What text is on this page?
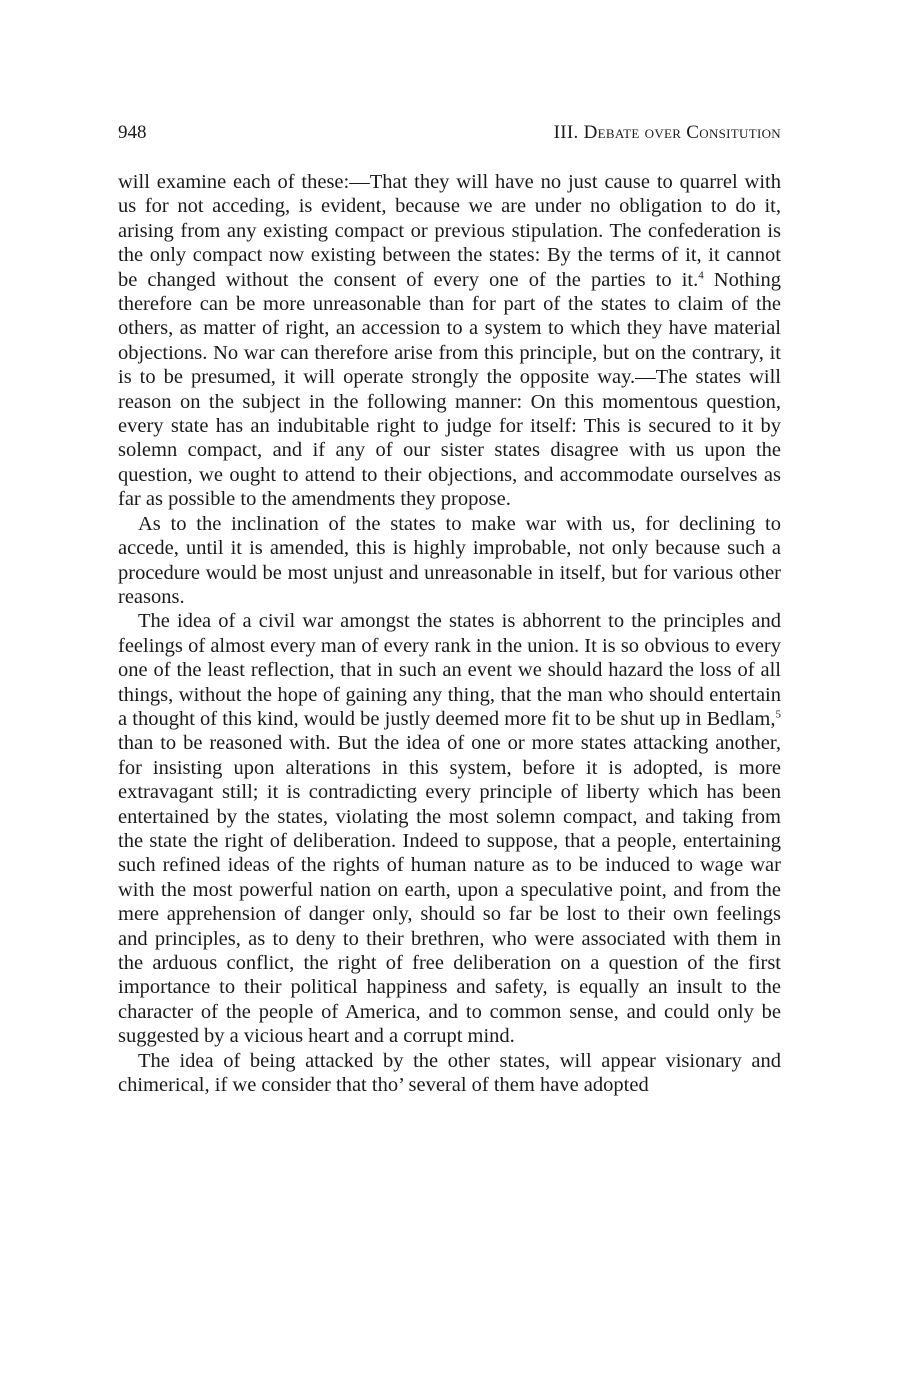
948	III. Debate over Consitution

will examine each of these:—That they will have no just cause to quarrel with us for not acceding, is evident, because we are under no obligation to do it, arising from any existing compact or previous stipulation. The confederation is the only compact now existing between the states: By the terms of it, it cannot be changed without the consent of every one of the parties to it.$^4$ Nothing therefore can be more unreasonable than for part of the states to claim of the others, as matter of right, an accession to a system to which they have material objections. No war can therefore arise from this principle, but on the contrary, it is to be presumed, it will operate strongly the opposite way.—The states will reason on the subject in the following manner: On this momentous question, every state has an indubitable right to judge for itself: This is secured to it by solemn compact, and if any of our sister states disagree with us upon the question, we ought to attend to their objections, and accommodate ourselves as far as possible to the amendments they propose.

As to the inclination of the states to make war with us, for declining to accede, until it is amended, this is highly improbable, not only because such a procedure would be most unjust and unreasonable in itself, but for various other reasons.

The idea of a civil war amongst the states is abhorrent to the principles and feelings of almost every man of every rank in the union. It is so obvious to every one of the least reflection, that in such an event we should hazard the loss of all things, without the hope of gaining any thing, that the man who should entertain a thought of this kind, would be justly deemed more fit to be shut up in Bedlam,$^5$ than to be reasoned with. But the idea of one or more states attacking another, for insisting upon alterations in this system, before it is adopted, is more extravagant still; it is contradicting every principle of liberty which has been entertained by the states, violating the most solemn compact, and taking from the state the right of deliberation. Indeed to suppose, that a people, entertaining such refined ideas of the rights of human nature as to be induced to wage war with the most powerful nation on earth, upon a speculative point, and from the mere apprehension of danger only, should so far be lost to their own feelings and principles, as to deny to their brethren, who were associated with them in the arduous conflict, the right of free deliberation on a question of the first importance to their political happiness and safety, is equally an insult to the character of the people of America, and to common sense, and could only be suggested by a vicious heart and a corrupt mind.

The idea of being attacked by the other states, will appear visionary and chimerical, if we consider that tho’ several of them have adopted
